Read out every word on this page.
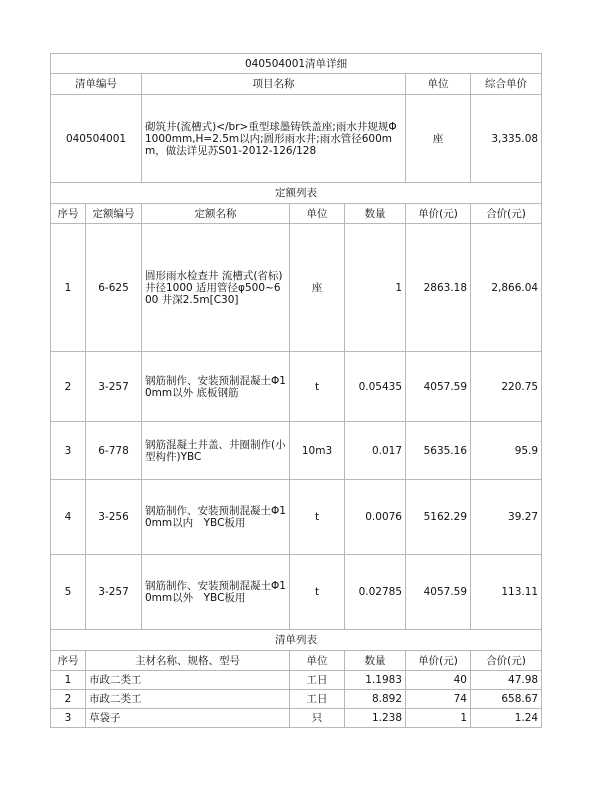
040504001清单详细						
清单编号		项目名称			单位	综合单价
040504001		砌筑井(流槽式)</br>重型球墨铸铁盖座;雨水井规规Φ1000mm,H=2.5m以内;圆形雨水井;雨水管径600mm，做法详见苏S01-2012-126/128			座	3,335.08
定额列表						
序号	定额编号	定额名称	单位	数量	单价(元)	合价(元)
1	6-625	圆形雨水检查井 流槽式(省标)井径1000 适用管径φ500~600 井深2.5m[C30]	座	1	2863.18	2,866.04
2	3-257	钢筋制作、安装预制混凝土Φ10mm以外 底板钢筋	t	0.05435	4057.59	220.75
3	6-778	钢筋混凝土井盖、井圈制作(小型构件)YBC	10m3	0.017	5635.16	95.9
4	3-256	钢筋制作、安装预制混凝土Φ10mm以内　YBC板用	t	0.0076	5162.29	39.27
5	3-257	钢筋制作、安装预制混凝土Φ10mm以外　YBC板用	t	0.02785	4057.59	113.11
清单列表						
序号	主材名称、规格、型号		单位	数量	单价(元)	合价(元)
1	市政二类工		工日	1.1983	40	47.98
2	市政二类工		工日	8.892	74	658.67
3	草袋子		只	1.238	1	1.24
